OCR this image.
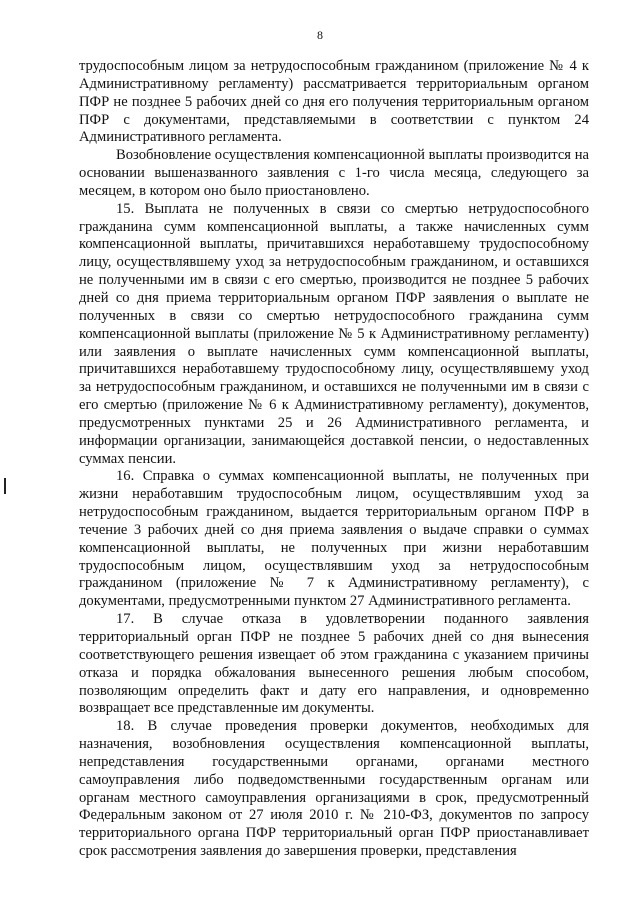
8

трудоспособным лицом за нетрудоспособным гражданином (приложение № 4 к Административному регламенту) рассматривается территориальным органом ПФР не позднее 5 рабочих дней со дня его получения территориальным органом ПФР с документами, представляемыми в соответствии с пунктом 24 Административного регламента.

Возобновление осуществления компенсационной выплаты производится на основании вышеназванного заявления с 1-го числа месяца, следующего за месяцем, в котором оно было приостановлено.

15. Выплата не полученных в связи со смертью нетрудоспособного гражданина сумм компенсационной выплаты, а также начисленных сумм компенсационной выплаты, причитавшихся неработавшему трудоспособному лицу, осуществлявшему уход за нетрудоспособным гражданином, и оставшихся не полученными им в связи с его смертью, производится не позднее 5 рабочих дней со дня приема территориальным органом ПФР заявления о выплате не полученных в связи со смертью нетрудоспособного гражданина сумм компенсационной выплаты (приложение № 5 к Административному регламенту) или заявления о выплате начисленных сумм компенсационной выплаты, причитавшихся неработавшему трудоспособному лицу, осуществлявшему уход за нетрудоспособным гражданином, и оставшихся не полученными им в связи с его смертью (приложение № 6 к Административному регламенту), документов, предусмотренных пунктами 25 и 26 Административного регламента, и информации организации, занимающейся доставкой пенсии, о недоставленных суммах пенсии.

16. Справка о суммах компенсационной выплаты, не полученных при жизни неработавшим трудоспособным лицом, осуществлявшим уход за нетрудоспособным гражданином, выдается территориальным органом ПФР в течение 3 рабочих дней со дня приема заявления о выдаче справки о суммах компенсационной выплаты, не полученных при жизни неработавшим трудоспособным лицом, осуществлявшим уход за нетрудоспособным гражданином (приложение № 7 к Административному регламенту), с документами, предусмотренными пунктом 27 Административного регламента.

17. В случае отказа в удовлетворении поданного заявления территориальный орган ПФР не позднее 5 рабочих дней со дня вынесения соответствующего решения извещает об этом гражданина с указанием причины отказа и порядка обжалования вынесенного решения любым способом, позволяющим определить факт и дату его направления, и одновременно возвращает все представленные им документы.

18. В случае проведения проверки документов, необходимых для назначения, возобновления осуществления компенсационной выплаты, непредставления государственными органами, органами местного самоуправления либо подведомственными государственным органам или органам местного самоуправления организациями в срок, предусмотренный Федеральным законом от 27 июля 2010 г. № 210-ФЗ, документов по запросу территориального органа ПФР территориальный орган ПФР приостанавливает срок рассмотрения заявления до завершения проверки, представления
